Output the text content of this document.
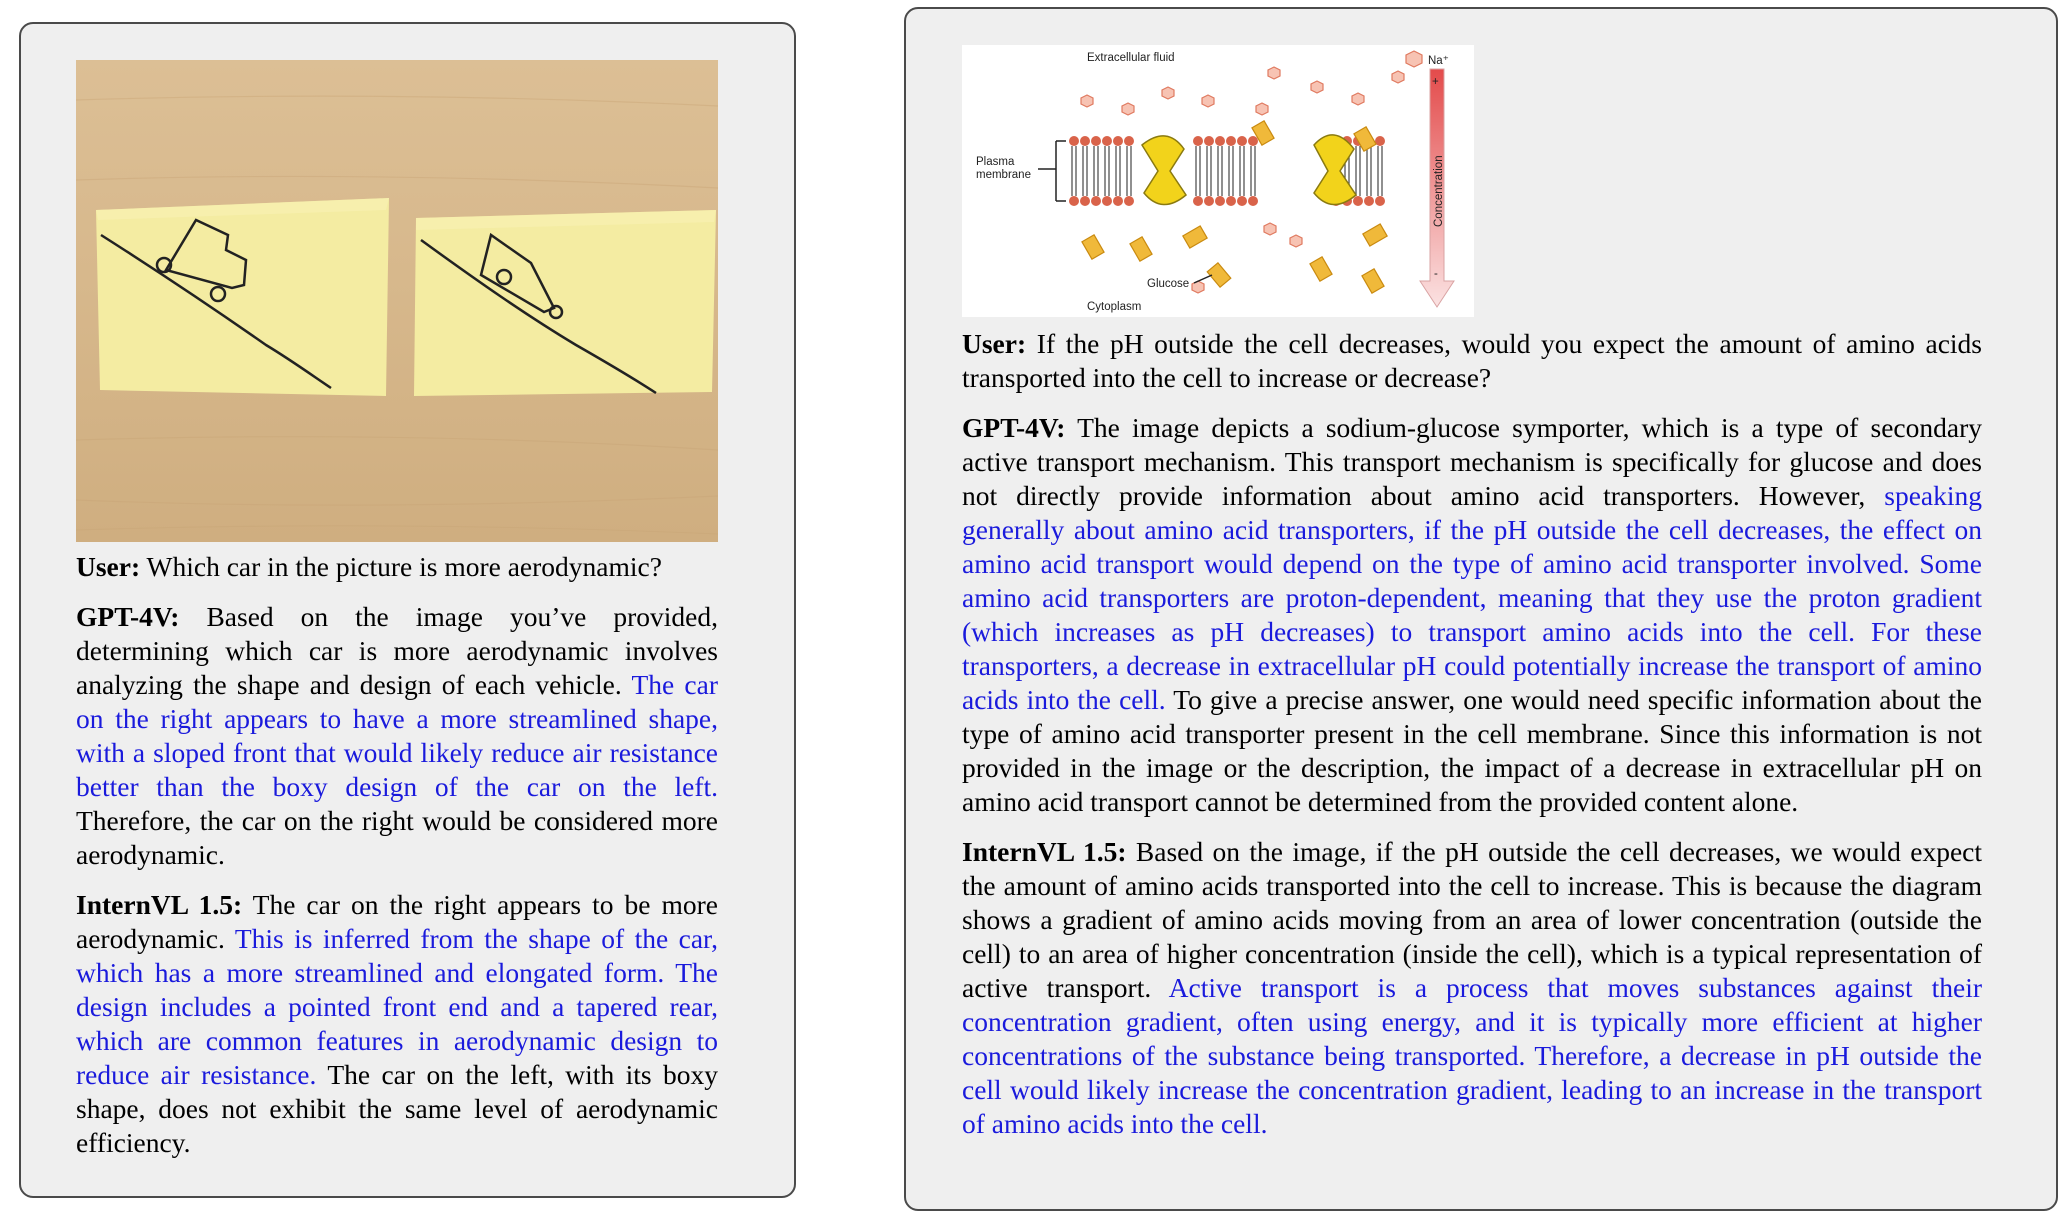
User: Which car in the picture is more aerodynamic?

GPT-4V: Based on the image you’ve provided, determining which car is more aerodynamic involves analyzing the shape and design of each vehicle. The car on the right appears to have a more streamlined shape, with a sloped front that would likely reduce air resistance better than the boxy design of the car on the left. Therefore, the car on the right would be considered more aerodynamic.

InternVL 1.5: The car on the right appears to be more aerodynamic. This is inferred from the shape of the car, which has a more streamlined and elongated form. The design includes a pointed front end and a tapered rear, which are common features in aerodynamic design to reduce air resistance. The car on the left, with its boxy shape, does not exhibit the same level of aerodynamic efficiency.

Extracellular fluid	Na⁺
+
-
Concentration
Plasma
membrane
Glucose
Cytoplasm

User: If the pH outside the cell decreases, would you expect the amount of amino acids transported into the cell to increase or decrease?

GPT-4V: The image depicts a sodium-glucose symporter, which is a type of secondary active transport mechanism. This transport mechanism is specifically for glucose and does not directly provide information about amino acid transporters. However, speaking generally about amino acid transporters, if the pH outside the cell decreases, the effect on amino acid transport would depend on the type of amino acid transporter involved. Some amino acid transporters are proton-dependent, meaning that they use the proton gradient (which increases as pH decreases) to transport amino acids into the cell. For these transporters, a decrease in extracellular pH could potentially increase the transport of amino acids into the cell. To give a precise answer, one would need specific information about the type of amino acid transporter present in the cell membrane. Since this information is not provided in the image or the description, the impact of a decrease in extracellular pH on amino acid transport cannot be determined from the provided content alone.

InternVL 1.5: Based on the image, if the pH outside the cell decreases, we would expect the amount of amino acids transported into the cell to increase. This is because the diagram shows a gradient of amino acids moving from an area of lower concentration (outside the cell) to an area of higher concentration (inside the cell), which is a typical representation of active transport. Active transport is a process that moves substances against their concentration gradient, often using energy, and it is typically more efficient at higher concentrations of the substance being transported. Therefore, a decrease in pH outside the cell would likely increase the concentration gradient, leading to an increase in the transport of amino acids into the cell.
